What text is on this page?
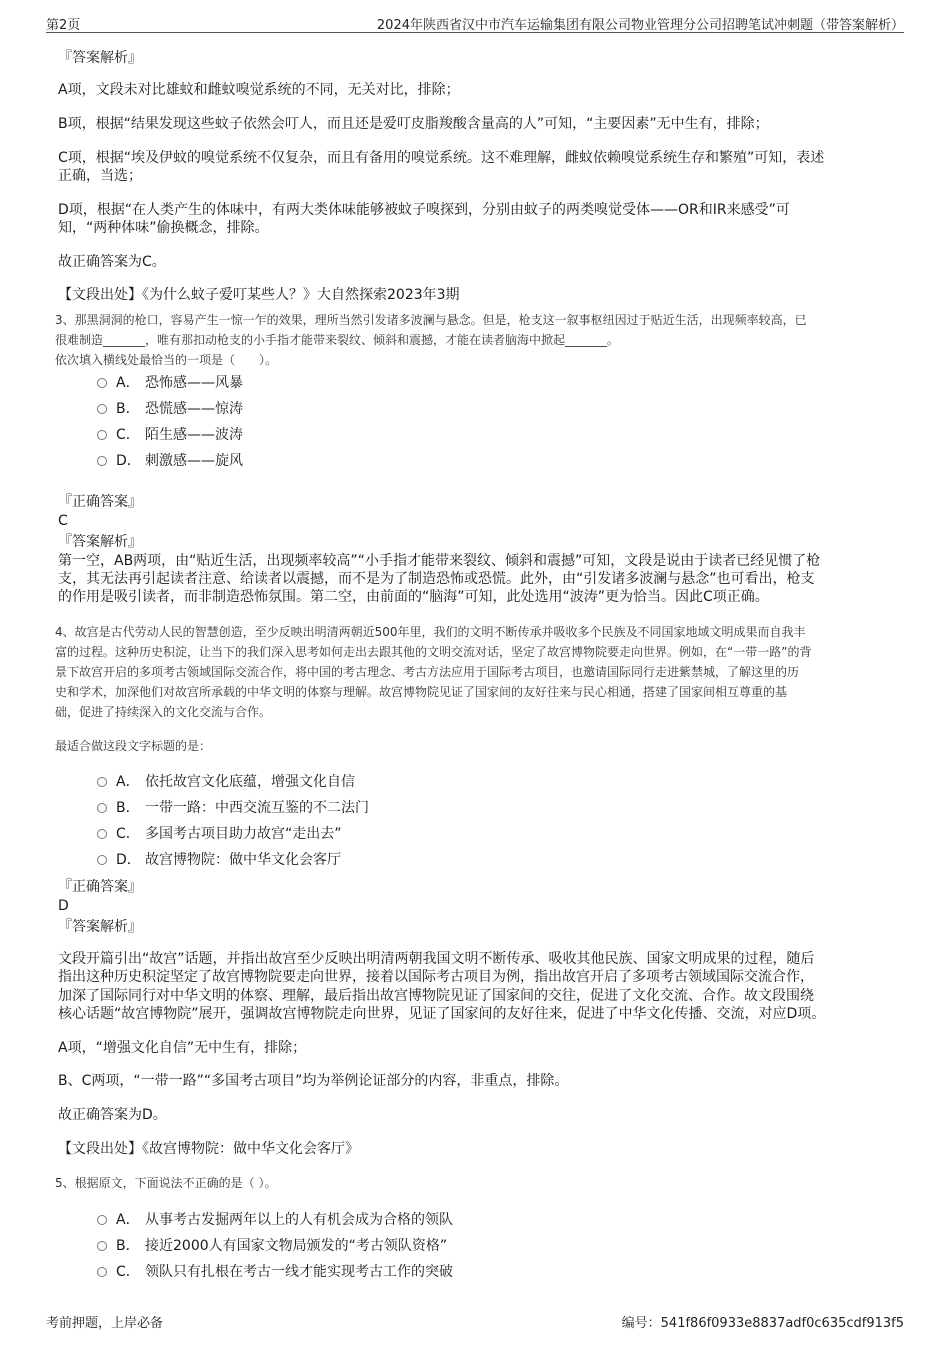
第2页	2024年陕西省汉中市汽车运输集团有限公司物业管理分公司招聘笔试冲刺题（带答案解析）
『答案解析』
A项，文段未对比雄蚊和雌蚊嗅觉系统的不同，无关对比，排除；
B项，根据“结果发现这些蚊子依然会叮人，而且还是爱叮皮脂羧酸含量高的人”可知，“主要因素”无中生有，排除；
C项，根据“埃及伊蚊的嗅觉系统不仅复杂，而且有备用的嗅觉系统。这不难理解，雌蚊依赖嗅觉系统生存和繁殖”可知，表述
正确，当选；
D项，根据“在人类产生的体味中，有两大类体味能够被蚊子嗅探到，分别由蚊子的两类嗅觉受体——OR和IR来感受”可
知，“两种体味”偷换概念，排除。
故正确答案为C。
【文段出处】《为什么蚊子爱叮某些人？》大自然探索2023年3期
3、那黑洞洞的枪口，容易产生一惊一乍的效果，理所当然引发诸多波澜与悬念。但是，枪支这一叙事枢纽因过于贴近生活，出现频率较高，已
很难制造_______，唯有那扣动枪支的小手指才能带来裂纹、倾斜和震撼，才能在读者脑海中掀起_______。
依次填入横线处最恰当的一项是（　　）。
A． 恐怖感——风暴
B． 恐慌感——惊涛
C． 陌生感——波涛
D． 刺激感——旋风
『正确答案』
C
『答案解析』
第一空，AB两项，由“贴近生活，出现频率较高”“小手指才能带来裂纹、倾斜和震撼”可知，文段是说由于读者已经见惯了枪
支，其无法再引起读者注意、给读者以震撼，而不是为了制造恐怖或恐慌。此外，由“引发诸多波澜与悬念”也可看出，枪支
的作用是吸引读者，而非制造恐怖氛围。第二空，由前面的“脑海”可知，此处选用“波涛”更为恰当。因此C项正确。
4、故宫是古代劳动人民的智慧创造，至少反映出明清两朝近500年里，我们的文明不断传承并吸收多个民族及不同国家地域文明成果而自我丰
富的过程。这种历史积淀，让当下的我们深入思考如何走出去跟其他的文明交流对话，坚定了故宫博物院要走向世界。例如，在“一带一路”的背
景下故宫开启的多项考古领域国际交流合作，将中国的考古理念、考古方法应用于国际考古项目，也邀请国际同行走进紫禁城，了解这里的历
史和学术，加深他们对故宫所承载的中华文明的体察与理解。故宫博物院见证了国家间的友好往来与民心相通，搭建了国家间相互尊重的基
础，促进了持续深入的文化交流与合作。
最适合做这段文字标题的是：
A． 依托故宫文化底蕴，增强文化自信
B． 一带一路：中西交流互鉴的不二法门
C． 多国考古项目助力故宫“走出去”
D． 故宫博物院：做中华文化会客厅
『正确答案』
D
『答案解析』
文段开篇引出“故宫”话题，并指出故宫至少反映出明清两朝我国文明不断传承、吸收其他民族、国家文明成果的过程，随后
指出这种历史积淀坚定了故宫博物院要走向世界，接着以国际考古项目为例，指出故宫开启了多项考古领域国际交流合作，
加深了国际同行对中华文明的体察、理解，最后指出故宫博物院见证了国家间的交往，促进了文化交流、合作。故文段围绕
核心话题“故宫博物院”展开，强调故宫博物院走向世界，见证了国家间的友好往来，促进了中华文化传播、交流，对应D项。
A项，“增强文化自信”无中生有，排除；
B、C两项，“一带一路”“多国考古项目”均为举例论证部分的内容，非重点，排除。
故正确答案为D。
【文段出处】《故宫博物院：做中华文化会客厅》
5、根据原文，下面说法不正确的是（ ）。
A． 从事考古发掘两年以上的人有机会成为合格的领队
B． 接近2000人有国家文物局颁发的“考古领队资格”
C． 领队只有扎根在考古一线才能实现考古工作的突破
考前押题，上岸必备	编号：541f86f0933e8837adf0c635cdf913f5
